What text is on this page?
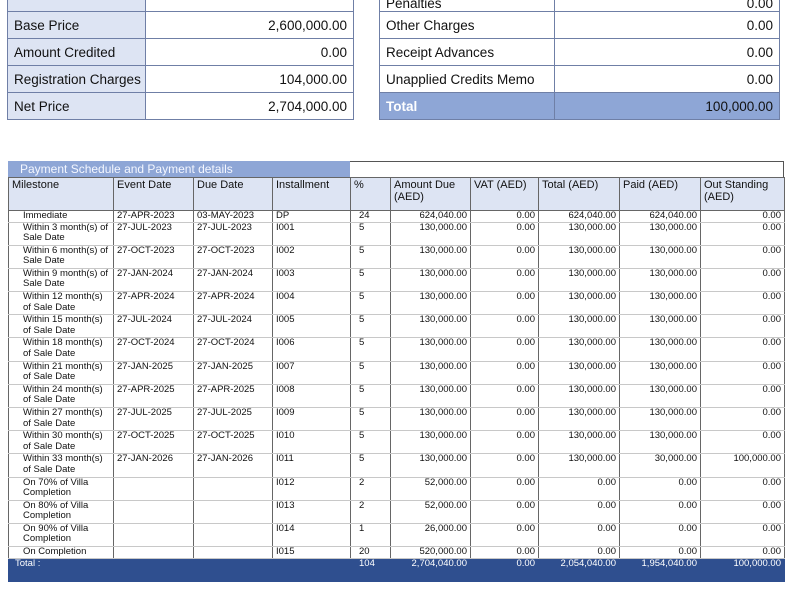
Base Price	2,600,000.00
Amount Credited	0.00
Registration Charges	104,000.00
Net Price	2,704,000.00
Penalties	0.00
Other Charges	0.00
Receipt Advances	0.00
Unapplied Credits Memo	0.00
Total	100,000.00
Payment Schedule and Payment details
Milestone	Event Date	Due Date	Installment	%	Amount Due (AED)	VAT (AED)	Total (AED)	Paid (AED)	Out Standing (AED)
Immediate	27-APR-2023	03-MAY-2023	DP	24	624,040.00	0.00	624,040.00	624,040.00	0.00
Within 3 month(s) of Sale Date	27-JUL-2023	27-JUL-2023	I001	5	130,000.00	0.00	130,000.00	130,000.00	0.00
Within 6 month(s) of Sale Date	27-OCT-2023	27-OCT-2023	I002	5	130,000.00	0.00	130,000.00	130,000.00	0.00
Within 9 month(s) of Sale Date	27-JAN-2024	27-JAN-2024	I003	5	130,000.00	0.00	130,000.00	130,000.00	0.00
Within 12 month(s) of Sale Date	27-APR-2024	27-APR-2024	I004	5	130,000.00	0.00	130,000.00	130,000.00	0.00
Within 15 month(s) of Sale Date	27-JUL-2024	27-JUL-2024	I005	5	130,000.00	0.00	130,000.00	130,000.00	0.00
Within 18 month(s) of Sale Date	27-OCT-2024	27-OCT-2024	I006	5	130,000.00	0.00	130,000.00	130,000.00	0.00
Within 21 month(s) of Sale Date	27-JAN-2025	27-JAN-2025	I007	5	130,000.00	0.00	130,000.00	130,000.00	0.00
Within 24 month(s) of Sale Date	27-APR-2025	27-APR-2025	I008	5	130,000.00	0.00	130,000.00	130,000.00	0.00
Within 27 month(s) of Sale Date	27-JUL-2025	27-JUL-2025	I009	5	130,000.00	0.00	130,000.00	130,000.00	0.00
Within 30 month(s) of Sale Date	27-OCT-2025	27-OCT-2025	I010	5	130,000.00	0.00	130,000.00	130,000.00	0.00
Within 33 month(s) of Sale Date	27-JAN-2026	27-JAN-2026	I011	5	130,000.00	0.00	130,000.00	30,000.00	100,000.00
On 70% of Villa Completion			I012	2	52,000.00	0.00	0.00	0.00	0.00
On 80% of Villa Completion			I013	2	52,000.00	0.00	0.00	0.00	0.00
On 90% of Villa Completion			I014	1	26,000.00	0.00	0.00	0.00	0.00
On Completion			I015	20	520,000.00	0.00	0.00	0.00	0.00
Total :				104	2,704,040.00	0.00	2,054,040.00	1,954,040.00	100,000.00
